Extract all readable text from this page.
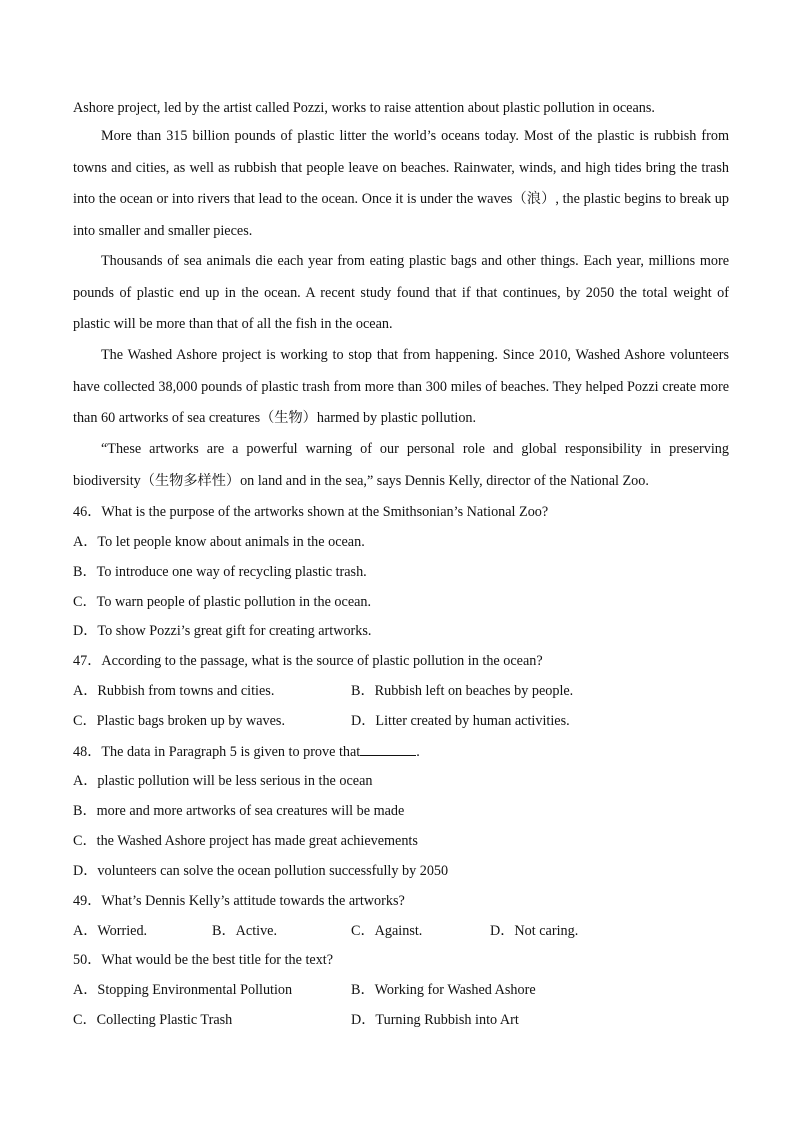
Ashore project, led by the artist called Pozzi, works to raise attention about plastic pollution in oceans.

More than 315 billion pounds of plastic litter the world’s oceans today. Most of the plastic is rubbish from towns and cities, as well as rubbish that people leave on beaches. Rainwater, winds, and high tides bring the trash into the ocean or into rivers that lead to the ocean. Once it is under the waves（浪）, the plastic begins to break up into smaller and smaller pieces.

Thousands of sea animals die each year from eating plastic bags and other things. Each year, millions more pounds of plastic end up in the ocean. A recent study found that if that continues, by 2050 the total weight of plastic will be more than that of all the fish in the ocean.

The Washed Ashore project is working to stop that from happening. Since 2010, Washed Ashore volunteers have collected 38,000 pounds of plastic trash from more than 300 miles of beaches. They helped Pozzi create more than 60 artworks of sea creatures（生物）harmed by plastic pollution.

“These artworks are a powerful warning of our personal role and global responsibility in preserving biodiversity（生物多样性）on land and in the sea,” says Dennis Kelly, director of the National Zoo.

46．What is the purpose of the artworks shown at the Smithsonian’s National Zoo?
A．To let people know about animals in the ocean.
B．To introduce one way of recycling plastic trash.
C．To warn people of plastic pollution in the ocean.
D．To show Pozzi’s great gift for creating artworks.
47．According to the passage, what is the source of plastic pollution in the ocean?
A．Rubbish from towns and cities.	B．Rubbish left on beaches by people.
C．Plastic bags broken up by waves.	D．Litter created by human activities.
48．The data in Paragraph 5 is given to prove that	.
A．plastic pollution will be less serious in the ocean
B．more and more artworks of sea creatures will be made
C．the Washed Ashore project has made great achievements
D．volunteers can solve the ocean pollution successfully by 2050
49．What’s Dennis Kelly’s attitude towards the artworks?
A．Worried.	B．Active.	C．Against.	D．Not caring.
50．What would be the best title for the text?
A．Stopping Environmental Pollution	B．Working for Washed Ashore
C．Collecting Plastic Trash	D．Turning Rubbish into Art
